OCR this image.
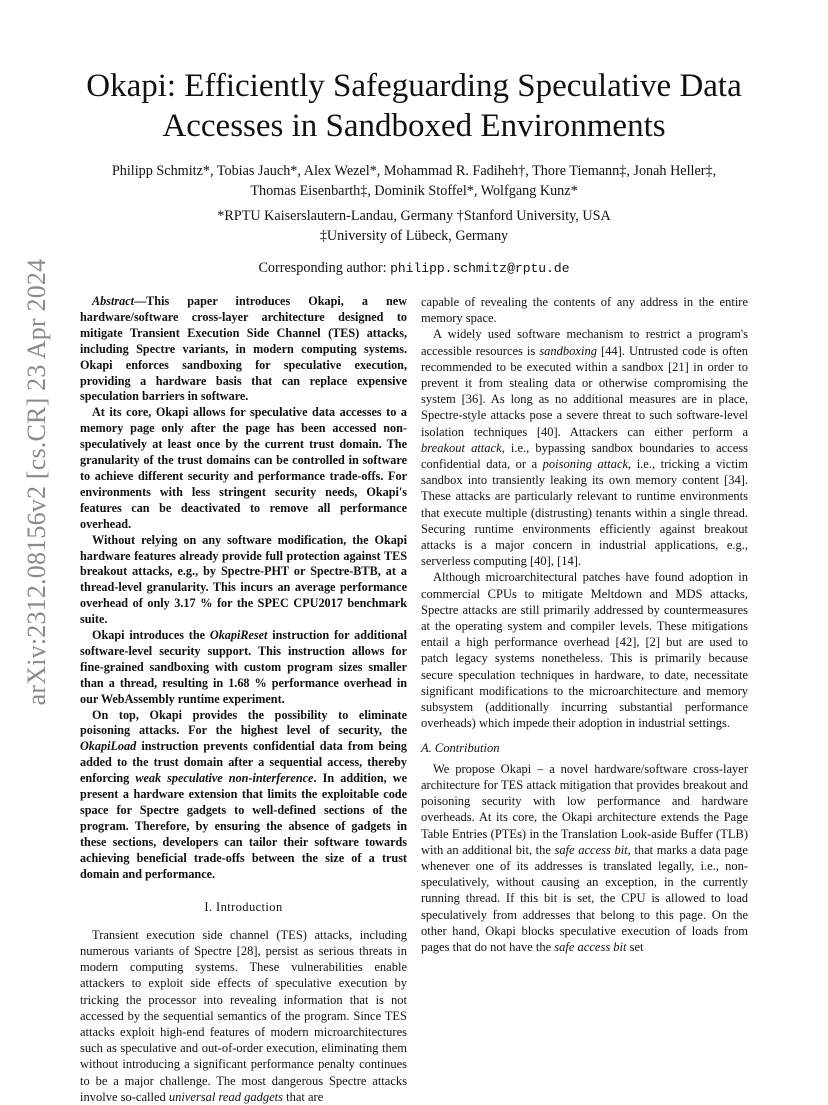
arXiv:2312.08156v2 [cs.CR] 23 Apr 2024
Okapi: Efficiently Safeguarding Speculative Data Accesses in Sandboxed Environments
Philipp Schmitz*, Tobias Jauch*, Alex Wezel*, Mohammad R. Fadiheh†, Thore Tiemann‡, Jonah Heller‡,
Thomas Eisenbarth‡, Dominik Stoffel*, Wolfgang Kunz*
*RPTU Kaiserslautern-Landau, Germany †Stanford University, USA
‡University of Lübeck, Germany
Corresponding author: philipp.schmitz@rptu.de

Abstract—This paper introduces Okapi, a new hardware/software cross-layer architecture designed to mitigate Transient Execution Side Channel (TES) attacks, including Spectre variants, in modern computing systems. Okapi enforces sandboxing for speculative execution, providing a hardware basis that can replace expensive speculation barriers in software.

At its core, Okapi allows for speculative data accesses to a memory page only after the page has been accessed non-speculatively at least once by the current trust domain. The granularity of the trust domains can be controlled in software to achieve different security and performance trade-offs. For environments with less stringent security needs, Okapi's features can be deactivated to remove all performance overhead.

Without relying on any software modification, the Okapi hardware features already provide full protection against TES breakout attacks, e.g., by Spectre-PHT or Spectre-BTB, at a thread-level granularity. This incurs an average performance overhead of only 3.17 % for the SPEC CPU2017 benchmark suite.

Okapi introduces the OkapiReset instruction for additional software-level security support. This instruction allows for fine-grained sandboxing with custom program sizes smaller than a thread, resulting in 1.68 % performance overhead in our WebAssembly runtime experiment.

On top, Okapi provides the possibility to eliminate poisoning attacks. For the highest level of security, the OkapiLoad instruction prevents confidential data from being added to the trust domain after a sequential access, thereby enforcing weak speculative non-interference. In addition, we present a hardware extension that limits the exploitable code space for Spectre gadgets to well-defined sections of the program. Therefore, by ensuring the absence of gadgets in these sections, developers can tailor their software towards achieving beneficial trade-offs between the size of a trust domain and performance.

I. Introduction

Transient execution side channel (TES) attacks, including numerous variants of Spectre [28], persist as serious threats in modern computing systems. These vulnerabilities enable attackers to exploit side effects of speculative execution by tricking the processor into revealing information that is not accessed by the sequential semantics of the program. Since TES attacks exploit high-end features of modern microarchitectures such as speculative and out-of-order execution, eliminating them without introducing a significant performance penalty continues to be a major challenge. The most dangerous Spectre attacks involve so-called universal read gadgets that are

capable of revealing the contents of any address in the entire memory space.

A widely used software mechanism to restrict a program's accessible resources is sandboxing [44]. Untrusted code is often recommended to be executed within a sandbox [21] in order to prevent it from stealing data or otherwise compromising the system [36]. As long as no additional measures are in place, Spectre-style attacks pose a severe threat to such software-level isolation techniques [40]. Attackers can either perform a breakout attack, i.e., bypassing sandbox boundaries to access confidential data, or a poisoning attack, i.e., tricking a victim sandbox into transiently leaking its own memory content [34]. These attacks are particularly relevant to runtime environments that execute multiple (distrusting) tenants within a single thread. Securing runtime environments efficiently against breakout attacks is a major concern in industrial applications, e.g., serverless computing [40], [14].

Although microarchitectural patches have found adoption in commercial CPUs to mitigate Meltdown and MDS attacks, Spectre attacks are still primarily addressed by countermeasures at the operating system and compiler levels. These mitigations entail a high performance overhead [42], [2] but are used to patch legacy systems nonetheless. This is primarily because secure speculation techniques in hardware, to date, necessitate significant modifications to the microarchitecture and memory subsystem (additionally incurring substantial performance overheads) which impede their adoption in industrial settings.

A. Contribution

We propose Okapi – a novel hardware/software cross-layer architecture for TES attack mitigation that provides breakout and poisoning security with low performance and hardware overheads. At its core, the Okapi architecture extends the Page Table Entries (PTEs) in the Translation Look-aside Buffer (TLB) with an additional bit, the safe access bit, that marks a data page whenever one of its addresses is translated legally, i.e., non-speculatively, without causing an exception, in the currently running thread. If this bit is set, the CPU is allowed to load speculatively from addresses that belong to this page. On the other hand, Okapi blocks speculative execution of loads from pages that do not have the safe access bit set
